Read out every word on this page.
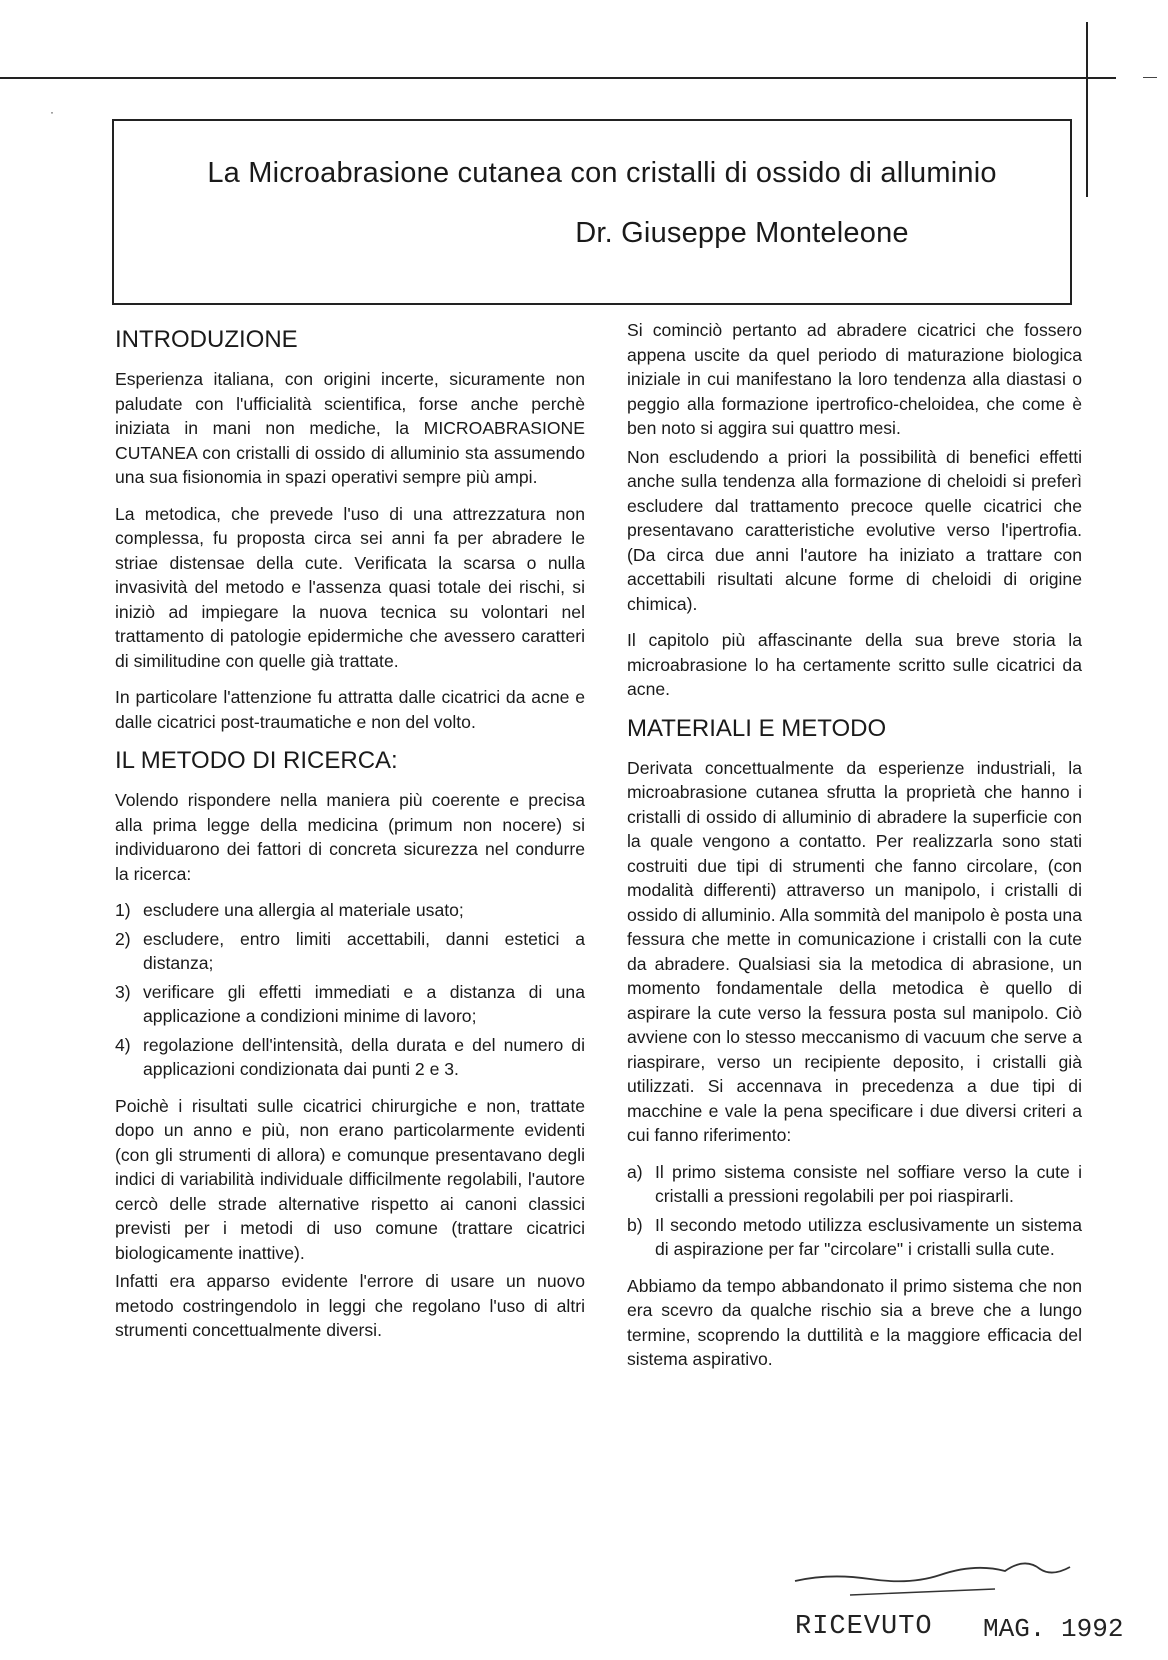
·
La Microabrasione cutanea con cristalli di ossido di alluminio
Dr. Giuseppe Monteleone
INTRODUZIONE

Esperienza italiana, con origini incerte, sicuramente non paludate con l'ufficialità scientifica, forse anche perchè iniziata in mani non mediche, la MICROABRASIONE CUTANEA con cristalli di ossido di alluminio sta assumendo una sua fisionomia in spazi operativi sempre più ampi.

La metodica, che prevede l'uso di una attrezzatura non complessa, fu proposta circa sei anni fa per abradere le striae distensae della cute. Verificata la scarsa o nulla invasività del metodo e l'assenza quasi totale dei rischi, si iniziò ad impiegare la nuova tecnica su volontari nel trattamento di patologie epidermiche che avessero caratteri di similitudine con quelle già trattate.

In particolare l'attenzione fu attratta dalle cicatrici da acne e dalle cicatrici post-traumatiche e non del volto.

IL METODO DI RICERCA:

Volendo rispondere nella maniera più coerente e precisa alla prima legge della medicina (primum non nocere) si individuarono dei fattori di concreta sicurezza nel condurre la ricerca:

1) escludere una allergia al materiale usato;
2) escludere, entro limiti accettabili, danni estetici a distanza;
3) verificare gli effetti immediati e a distanza di una applicazione a condizioni minime di lavoro;
4) regolazione dell'intensità, della durata e del numero di applicazioni condizionata dai punti 2 e 3.

Poichè i risultati sulle cicatrici chirurgiche e non, trattate dopo un anno e più, non erano particolarmente evidenti (con gli strumenti di allora) e comunque presentavano degli indici di variabilità individuale difficilmente regolabili, l'autore cercò delle strade alternative rispetto ai canoni classici previsti per i metodi di uso comune (trattare cicatrici biologicamente inattive).

Infatti era apparso evidente l'errore di usare un nuovo metodo costringendolo in leggi che regolano l'uso di altri strumenti concettualmente diversi.

Si cominciò pertanto ad abradere cicatrici che fossero appena uscite da quel periodo di maturazione biologica iniziale in cui manifestano la loro tendenza alla diastasi o peggio alla formazione ipertrofico-cheloidea, che come è ben noto si aggira sui quattro mesi.

Non escludendo a priori la possibilità di benefici effetti anche sulla tendenza alla formazione di cheloidi si preferì escludere dal trattamento precoce quelle cicatrici che presentavano caratteristiche evolutive verso l'ipertrofia. (Da circa due anni l'autore ha iniziato a trattare con accettabili risultati alcune forme di cheloidi di origine chimica).

Il capitolo più affascinante della sua breve storia la microabrasione lo ha certamente scritto sulle cicatrici da acne.

MATERIALI E METODO

Derivata concettualmente da esperienze industriali, la microabrasione cutanea sfrutta la proprietà che hanno i cristalli di ossido di alluminio di abradere la superficie con la quale vengono a contatto. Per realizzarla sono stati costruiti due tipi di strumenti che fanno circolare, (con modalità differenti) attraverso un manipolo, i cristalli di ossido di alluminio. Alla sommità del manipolo è posta una fessura che mette in comunicazione i cristalli con la cute da abradere. Qualsiasi sia la metodica di abrasione, un momento fondamentale della metodica è quello di aspirare la cute verso la fessura posta sul manipolo. Ciò avviene con lo stesso meccanismo di vacuum che serve a riaspirare, verso un recipiente deposito, i cristalli già utilizzati. Si accennava in precedenza a due tipi di macchine e vale la pena specificare i due diversi criteri a cui fanno riferimento:

a) Il primo sistema consiste nel soffiare verso la cute i cristalli a pressioni regolabili per poi riaspirarli.
b) Il secondo metodo utilizza esclusivamente un sistema di aspirazione per far "circolare" i cristalli sulla cute.

Abbiamo da tempo abbandonato il primo sistema che non era scevro da qualche rischio sia a breve che a lungo termine, scoprendo la duttilità e la maggiore efficacia del sistema aspirativo.

RICEVUTO MAG. 1992
